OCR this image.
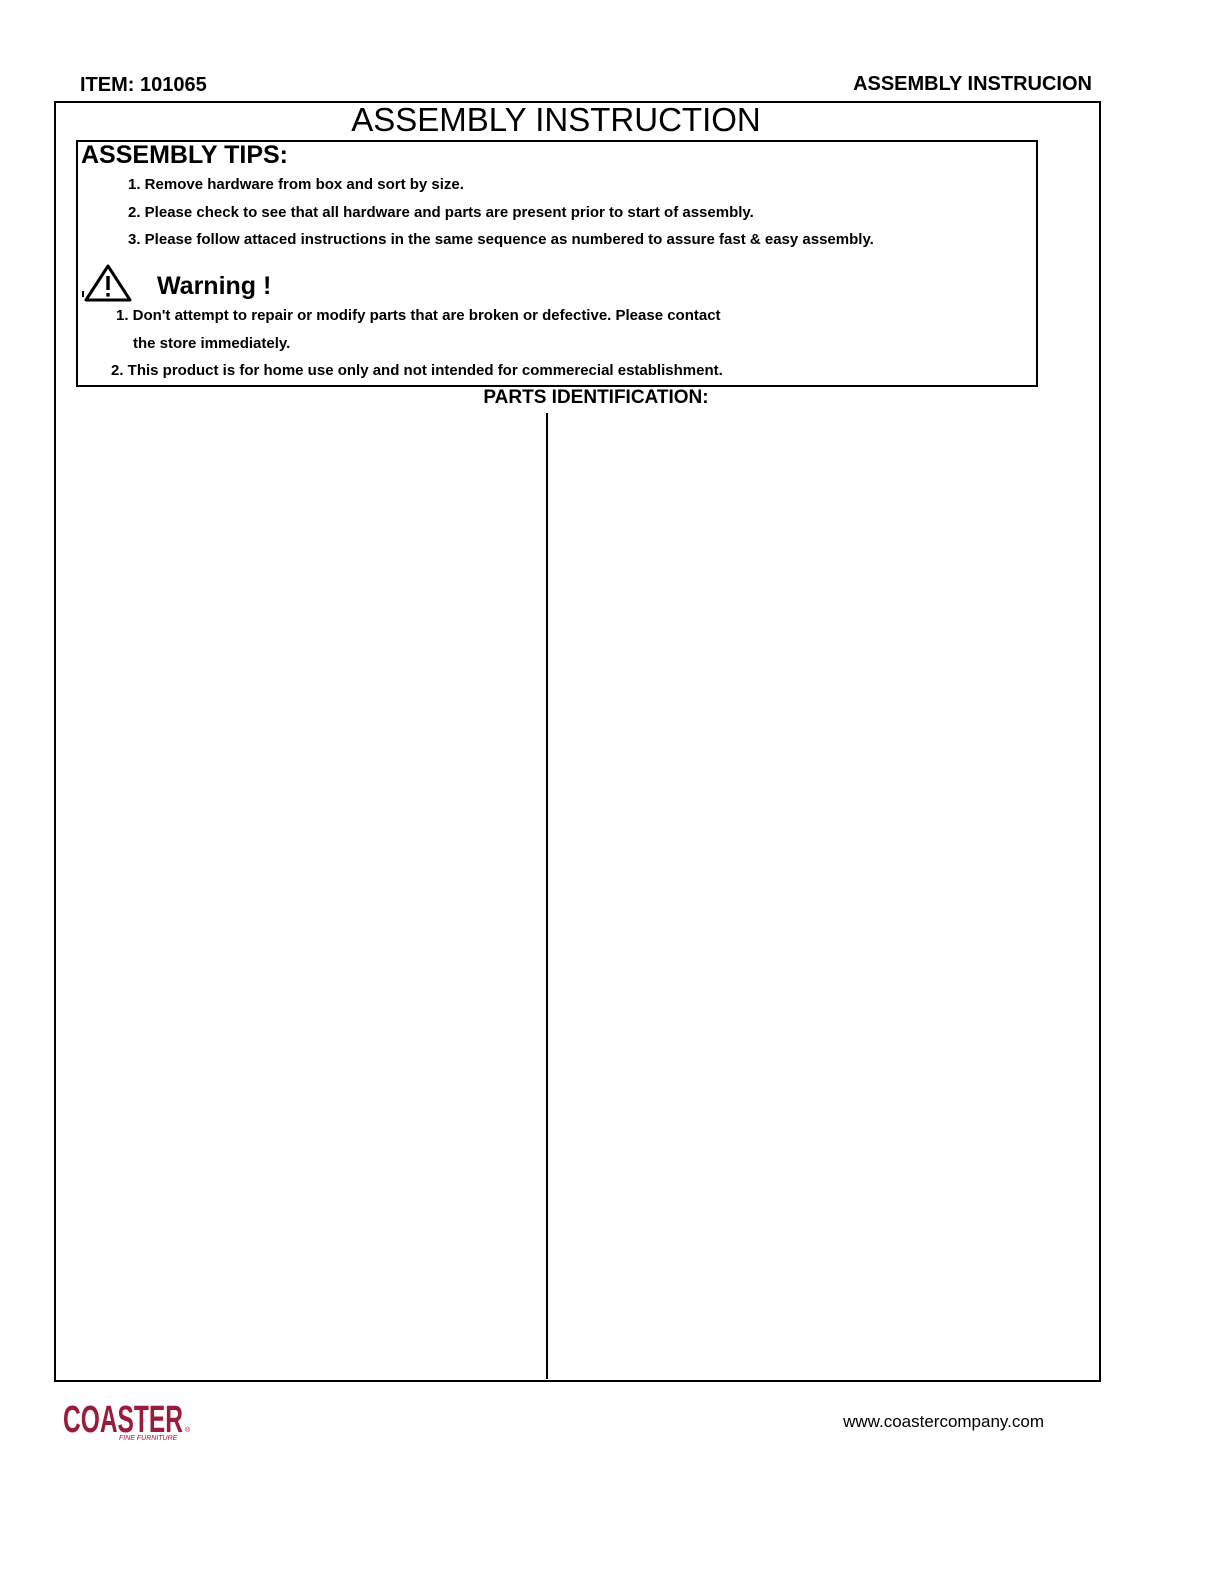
ITEM: 101065	ASSEMBLY INSTRUCION
ASSEMBLY INSTRUCTION
ASSEMBLY TIPS:
1. Remove hardware from box and sort by size.
2. Please check to see that all hardware and parts are present prior to start of assembly.
3. Please follow attaced instructions in the same sequence as numbered to assure fast & easy assembly.
Warning !
1. Don't attempt to repair or modify parts that are broken or defective. Please contact
the store immediately.
2. This product is for home use only and not intended for commerecial establishment.
PARTS IDENTIFICATION:
COASTER ®
FINE FURNITURE
www.coastercompany.com
